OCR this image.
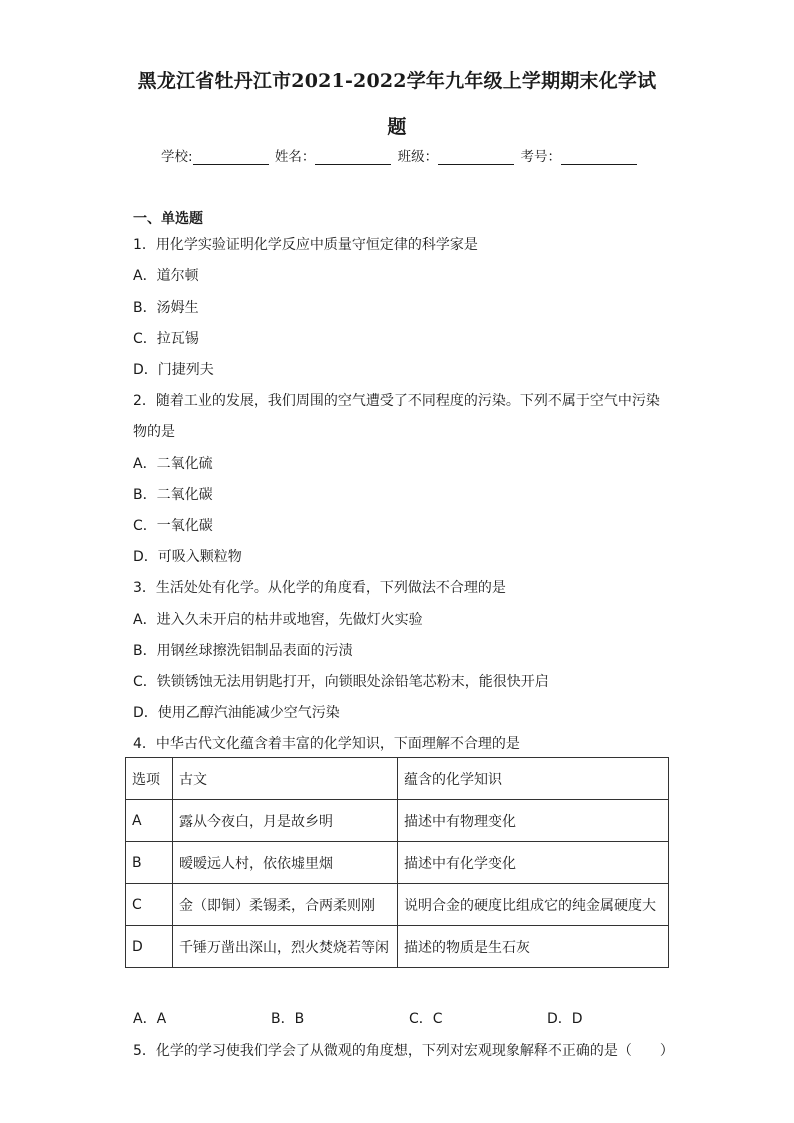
黑龙江省牡丹江市2021-2022学年九年级上学期期末化学试
题
学校:	姓名：	班级：	考号：
一、单选题
1．用化学实验证明化学反应中质量守恒定律的科学家是
A．道尔顿
B．汤姆生
C．拉瓦锡
D．门捷列夫
2．随着工业的发展，我们周围的空气遭受了不同程度的污染。下列不属于空气中污染
物的是
A．二氧化硫
B．二氧化碳
C．一氧化碳
D．可吸入颗粒物
3．生活处处有化学。从化学的角度看，下列做法不合理的是
A．进入久未开启的枯井或地窖，先做灯火实验
B．用钢丝球擦洗铝制品表面的污渍
C．铁锁锈蚀无法用钥匙打开，向锁眼处涂铅笔芯粉末，能很快开启
D．使用乙醇汽油能减少空气污染
4．中华古代文化蕴含着丰富的化学知识，下面理解不合理的是
选项	古文	蕴含的化学知识
A	露从今夜白，月是故乡明	描述中有物理变化
B	暧暧远人村，依依墟里烟	描述中有化学变化
C	金（即铜）柔锡柔，合两柔则刚	说明合金的硬度比组成它的纯金属硬度大
D	千锤万凿出深山，烈火焚烧若等闲	描述的物质是生石灰
A．A	B．B	C．C	D．D
5．化学的学习使我们学会了从微观的角度想，下列对宏观现象解释不正确的是（　　）
